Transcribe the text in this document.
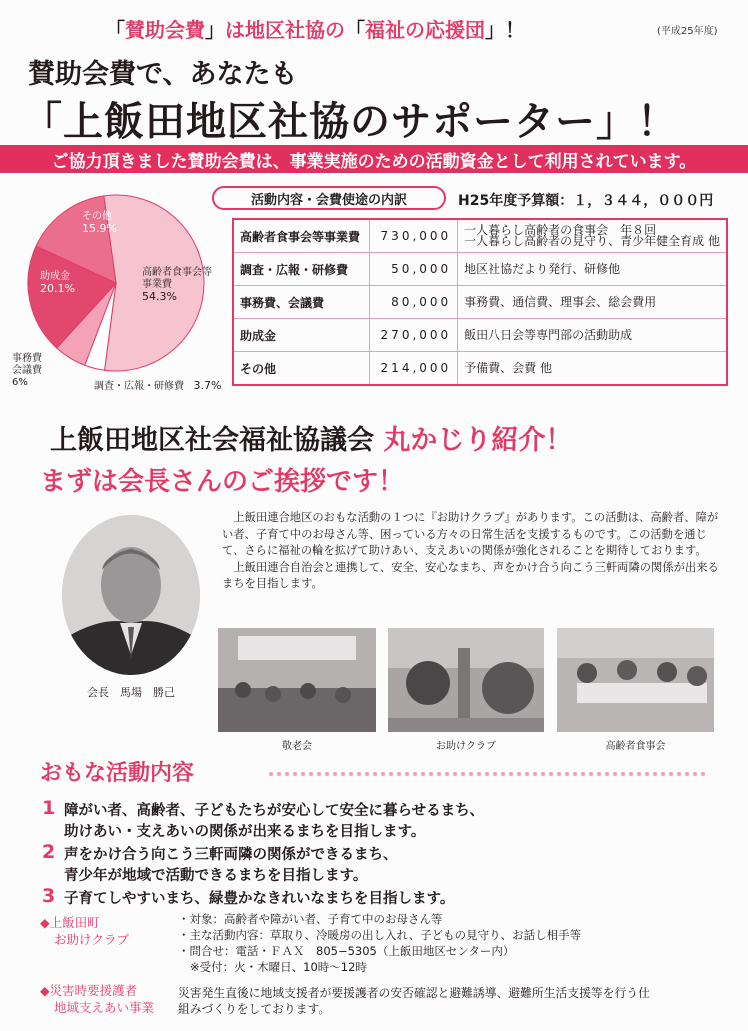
「賛助会費」は地区社協の「福祉の応援団」！	(平成25年度)
賛助会費で、あなたも
「上飯田地区社協のサポーター」！
ご協力頂きました賛助会費は、事業実施のための活動資金として利用されています。
高齢者食事会等
事業費
54.3%
その他
15.9%
助成金
20.1%
事務費
会議費
6%	調査・広報・研修費 3.7%
活動内容・会費使途の内訳	H25年度予算額：１，３４４，０００円
高齢者食事会等事業費	730,000	一人暮らし高齢者の食事会　年８回
一人暮らし高齢者の見守り、青少年健全育成 他

調査・広報・研修費	50,000	地区社協だより発行、研修他
事務費、会議費	80,000	事務費、通信費、理事会、総会費用
助成金	270,000	飯田八日会等専門部の活動助成
その他	214,000	予備費、会費 他
上飯田地区社会福祉協議会 丸かじり紹介！
まずは会長さんのご挨拶です！
会長　馬場　勝己

上飯田連合地区のおもな活動の１つに『お助けクラブ』があります。この活動は、高齢者、障がい者、子育て中のお母さん等、困っている方々の日常生活を支援するものです。この活動を通じて、さらに福祉の輪を拡げて助けあい、支えあいの関係が強化されることを期待しております。

上飯田連合自治会と連携して、安全、安心なまち、声をかけ合う向こう三軒両隣の関係が出来るまちを目指します。

敬老会	お助けクラブ	高齢者食事会
おもな活動内容
1 障がい者、高齢者、子どもたちが安心して安全に暮らせるまち、
助けあい・支えあいの関係が出来るまちを目指します。
2 声をかけ合う向こう三軒両隣の関係ができるまち、
青少年が地域で活動できるまちを目指します。
3 子育てしやすいまち、緑豊かなきれいなまちを目指します。
◆上飯田町
お助けクラブ
・対象：高齢者や障がい者、子育て中のお母さん等
・主な活動内容：草取り、冷暖房の出し入れ、子どもの見守り、お話し相手等
・問合せ：電話・ＦＡＸ　805−5305（上飯田地区センター内）
※受付：火・木曜日、10時〜12時
◆災害時要援護者
地域支えあい事業
災害発生直後に地域支援者が要援護者の安否確認と避難誘導、避難所生活支援等を行う仕
組みづくりをしております。
